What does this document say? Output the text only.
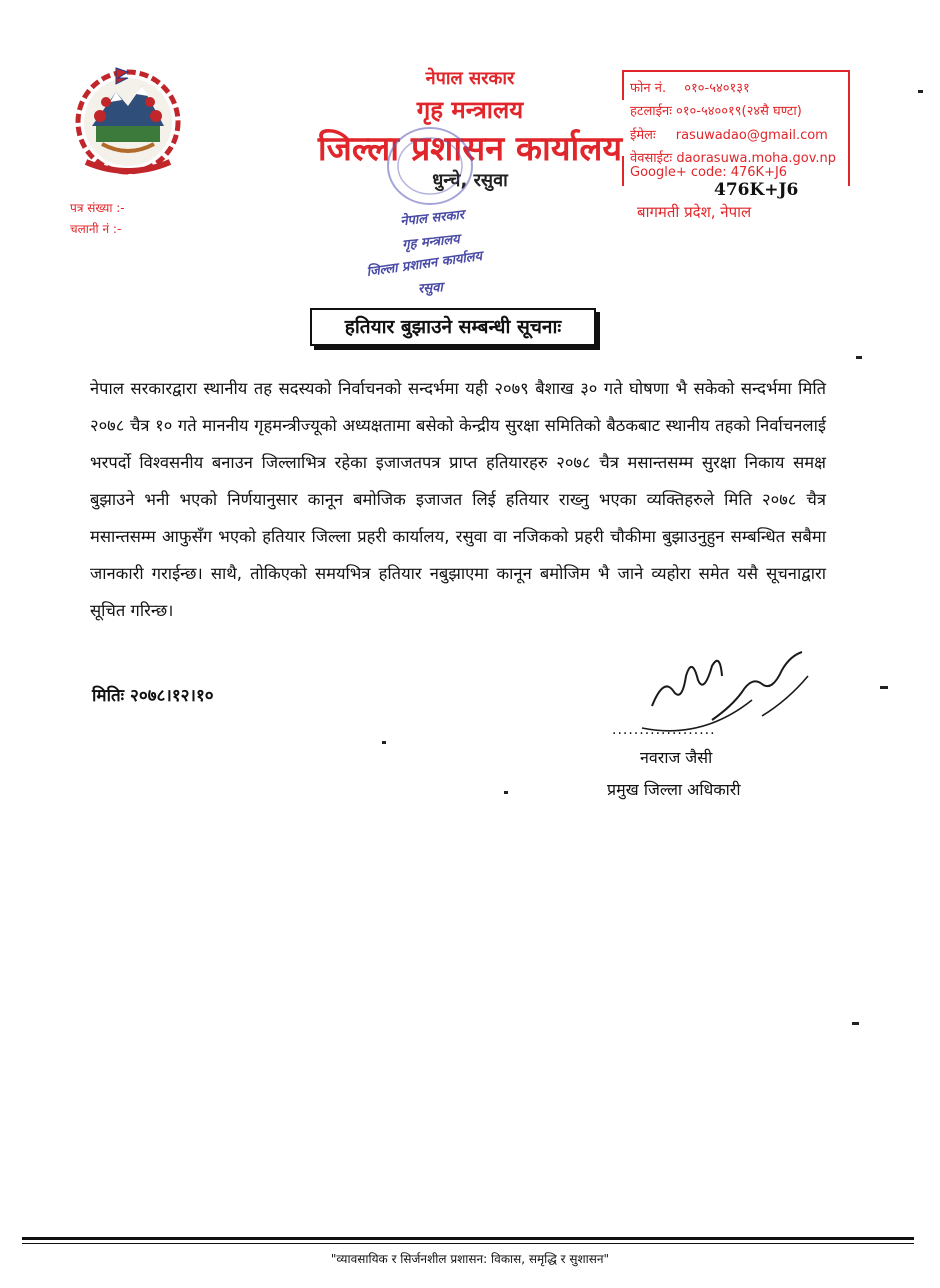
नेपाल सरकार
गृह मन्त्रालय
जिल्ला प्रशासन कार्यालय
धुन्चे, रसुवा
फोन नं. ०१०-५४०१३१
हटलाईनः ०१०-५४००१९(२४सै घण्टा)
ईमेलः rasuwadao@gmail.com
वेवसाईटः daorasuwa.moha.gov.np
Google+ code: 476K+J6
476K+J6
बागमती प्रदेश, नेपाल
पत्र संख्या :-
चलानी नं :-	नेपाल सरकार
गृह मन्त्रालय
जिल्ला प्रशासन कार्यालय
रसुवा
हतियार बुझाउने सम्बन्धी सूचनाः
नेपाल सरकारद्वारा स्थानीय तह सदस्यको निर्वाचनको सन्दर्भमा यही २०७९ बैशाख ३० गते घोषणा भै सकेको सन्दर्भमा मिति २०७८ चैत्र १० गते माननीय गृहमन्त्रीज्यूको अध्यक्षतामा बसेको केन्द्रीय सुरक्षा समितिको बैठकबाट स्थानीय तहको निर्वाचनलाई भरपर्दो विश्वसनीय बनाउन जिल्लाभित्र रहेका इजाजतपत्र प्राप्त हतियारहरु २०७८ चैत्र मसान्तसम्म सुरक्षा निकाय समक्ष बुझाउने भनी भएको निर्णयानुसार कानून बमोजिक इजाजत लिई हतियार राख्नु भएका व्यक्तिहरुले मिति २०७८ चैत्र मसान्तसम्म आफुसँग भएको हतियार जिल्ला प्रहरी कार्यालय, रसुवा वा नजिकको प्रहरी चौकीमा बुझाउनुहुन सम्बन्धित सबैमा जानकारी गराईन्छ। साथै, तोकिएको समयभित्र हतियार नबुझाएमा कानून बमोजिम भै जाने व्यहोरा समेत यसै सूचनाद्वारा सूचित गरिन्छ।
मितिः २०७८।१२।१०
...................
नवराज जैसी
प्रमुख जिल्ला अधिकारी
"व्यावसायिक र सिर्जनशील प्रशासन: विकास, समृद्धि र सुशासन"
